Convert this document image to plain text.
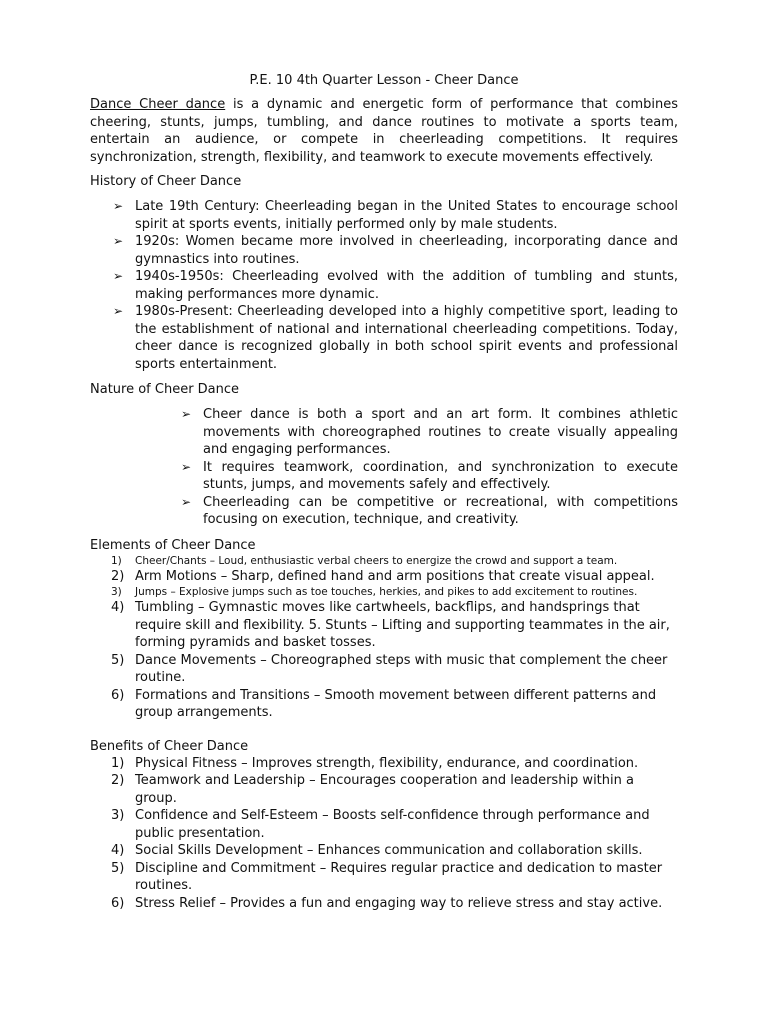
P.E. 10 4th Quarter Lesson - Cheer Dance

Dance Cheer dance is a dynamic and energetic form of performance that combines cheering, stunts, jumps, tumbling, and dance routines to motivate a sports team, entertain an audience, or compete in cheerleading competitions. It requires synchronization, strength, flexibility, and teamwork to execute movements effectively.

History of Cheer Dance
➢ Late 19th Century: Cheerleading began in the United States to encourage school spirit at sports events, initially performed only by male students.
➢ 1920s: Women became more involved in cheerleading, incorporating dance and gymnastics into routines.
➢ 1940s-1950s: Cheerleading evolved with the addition of tumbling and stunts, making performances more dynamic.
➢ 1980s-Present: Cheerleading developed into a highly competitive sport, leading to the establishment of national and international cheerleading competitions. Today, cheer dance is recognized globally in both school spirit events and professional sports entertainment.
Nature of Cheer Dance
➢ Cheer dance is both a sport and an art form. It combines athletic movements with choreographed routines to create visually appealing and engaging performances.
➢ It requires teamwork, coordination, and synchronization to execute stunts, jumps, and movements safely and effectively.
➢ Cheerleading can be competitive or recreational, with competitions focusing on execution, technique, and creativity.
Elements of Cheer Dance
1) Cheer/Chants – Loud, enthusiastic verbal cheers to energize the crowd and support a team.
2) Arm Motions – Sharp, defined hand and arm positions that create visual appeal.
3) Jumps – Explosive jumps such as toe touches, herkies, and pikes to add excitement to routines.
4) Tumbling – Gymnastic moves like cartwheels, backflips, and handsprings that require skill and flexibility. 5. Stunts – Lifting and supporting teammates in the air, forming pyramids and basket tosses.
5) Dance Movements – Choreographed steps with music that complement the cheer routine.
6) Formations and Transitions – Smooth movement between different patterns and group arrangements.
Benefits of Cheer Dance
1) Physical Fitness – Improves strength, flexibility, endurance, and coordination.
2) Teamwork and Leadership – Encourages cooperation and leadership within a group.
3) Confidence and Self-Esteem – Boosts self-confidence through performance and public presentation.
4) Social Skills Development – Enhances communication and collaboration skills.
5) Discipline and Commitment – Requires regular practice and dedication to master routines.
6) Stress Relief – Provides a fun and engaging way to relieve stress and stay active.
